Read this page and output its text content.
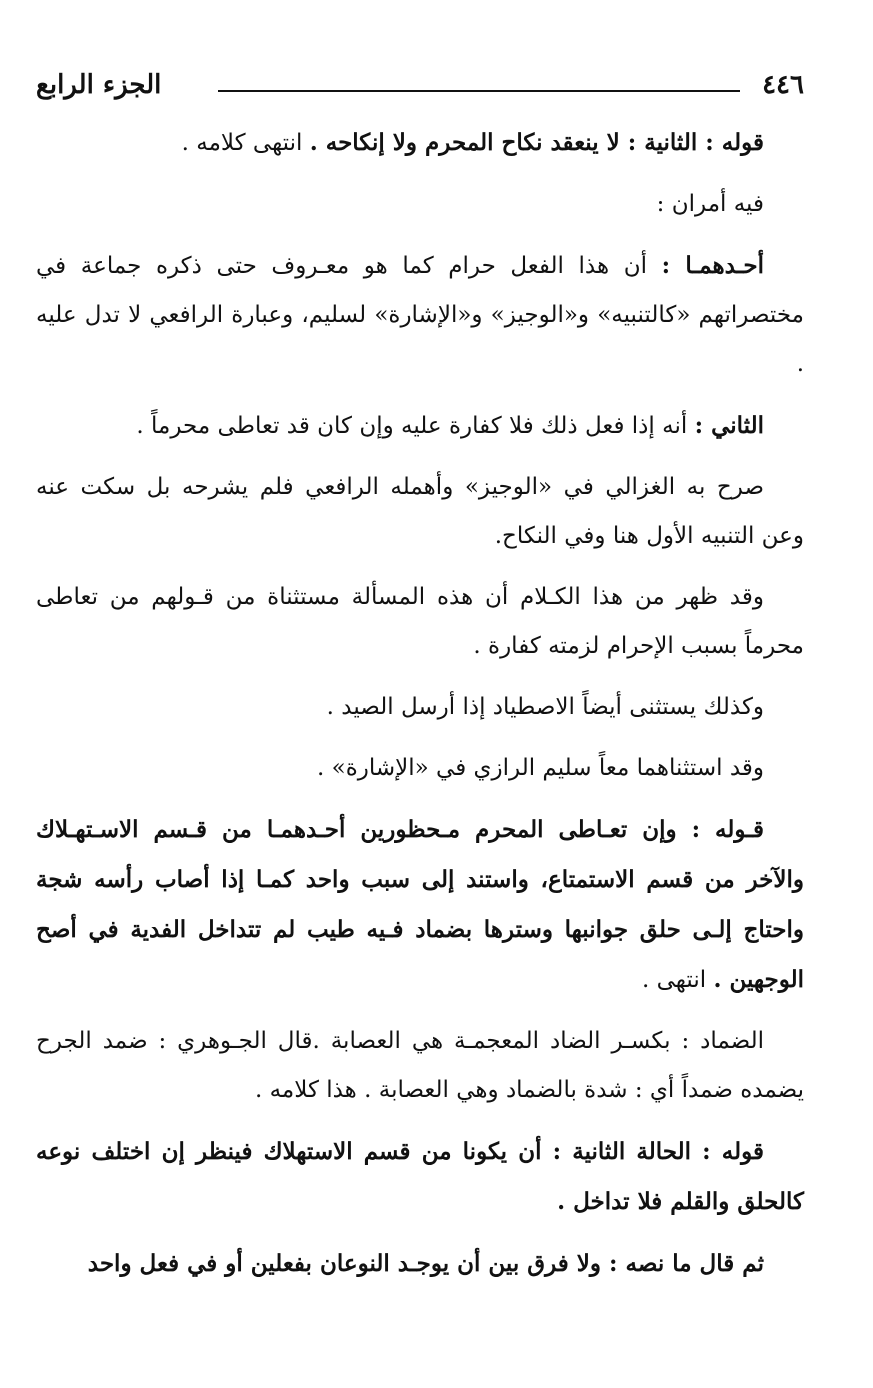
الجزء الرابع	٤٤٦

قوله : الثانية : لا ينعقد نكاح المحرم ولا إنكاحه . انتهى كلامه .

فيه أمران :

أحـدهمـا : أن هذا الفعل حرام كما هو معـروف حتى ذكره جماعة في مختصراتهم «كالتنبيه» و«الوجيز» و«الإشارة» لسليم، وعبارة الرافعي لا تدل عليه .

الثاني : أنه إذا فعل ذلك فلا كفارة عليه وإن كان قد تعاطى محرماً .

صرح به الغزالي في «الوجيز» وأهمله الرافعي فلم يشرحه بل سكت عنه وعن التنبيه الأول هنا وفي النكاح.

وقد ظهر من هذا الكـلام أن هذه المسألة مستثناة من قـولهم من تعاطى محرماً بسبب الإحرام لزمته كفارة .

وكذلك يستثنى أيضاً الاصطياد إذا أرسل الصيد .

وقد استثناهما معاً سليم الرازي في «الإشارة» .

قـوله : وإن تعـاطى المحرم مـحظورين أحـدهمـا من قـسم الاسـتهـلاك والآخر من قسم الاستمتاع، واستند إلى سبب واحد كمـا إذا أصاب رأسه شجة واحتاج إلـى حلق جوانبها وسترها بضماد فـيه طيب لم تتداخل الفدية في أصح الوجهين . انتهى .

الضماد : بكسـر الضاد المعجمـة هي العصابة .قال الجـوهري : ضمد الجرح يضمده ضمداً أي : شدة بالضماد وهي العصابة . هذا كلامه .

قوله : الحالة الثانية : أن يكونا من قسم الاستهلاك فينظر إن اختلف نوعه كالحلق والقلم فلا تداخل .

ثم قال ما نصه : ولا فرق بين أن يوجـد النوعان بفعلين أو في فعل واحد
